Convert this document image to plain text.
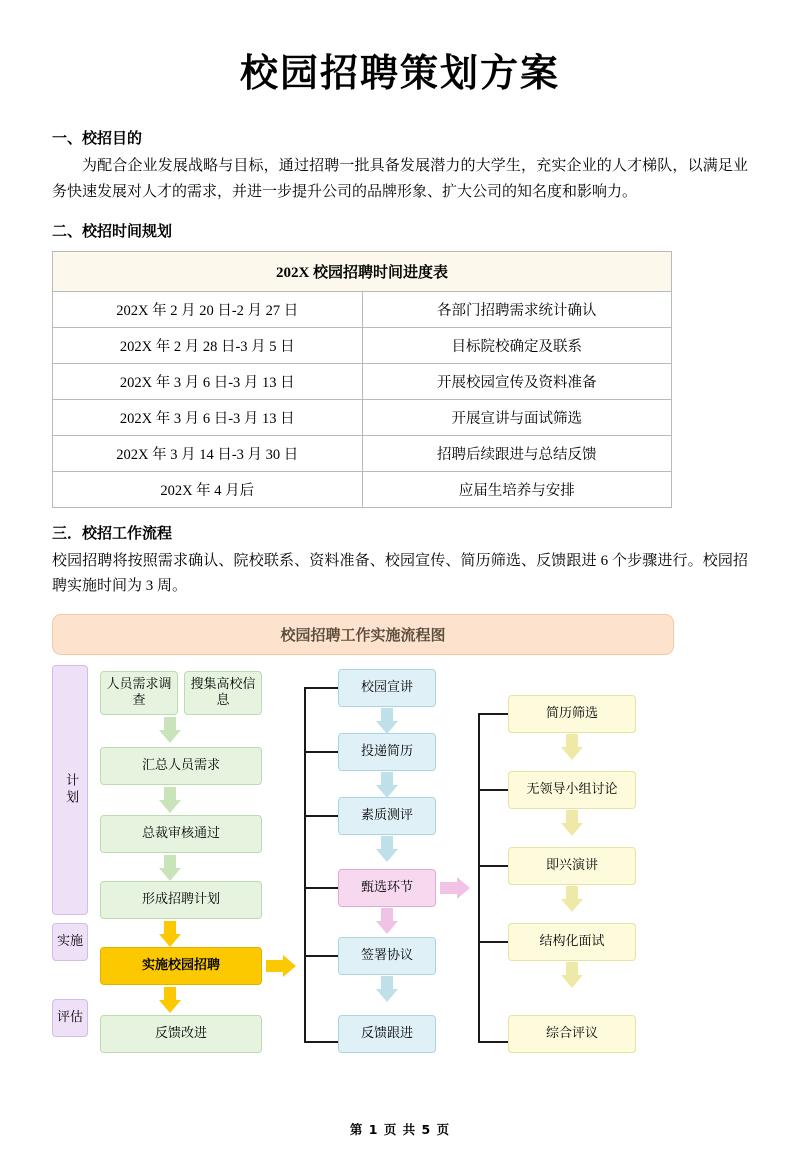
校园招聘策划方案
一、校招目的

为配合企业发展战略与目标，通过招聘一批具备发展潜力的大学生，充实企业的人才梯队，以满足业务快速发展对人才的需求，并进一步提升公司的品牌形象、扩大公司的知名度和影响力。

二、校招时间规划
202X 校园招聘时间进度表	
202X 年 2 月 20 日-2 月 27 日	各部门招聘需求统计确认
202X 年 2 月 28 日-3 月 5 日	目标院校确定及联系
202X 年 3 月 6 日-3 月 13 日	开展校园宣传及资料准备
202X 年 3 月 6 日-3 月 13 日	开展宣讲与面试筛选
202X 年 3 月 14 日-3 月 30 日	招聘后续跟进与总结反馈
202X 年 4 月后	应届生培养与安排
三．校招工作流程

校园招聘将按照需求确认、院校联系、资料准备、校园宣传、简历筛选、反馈跟进 6 个步骤进行。校园招聘实施时间为 3 周。

校园招聘工作实施流程图
计划
实施
评估
人员需求调查
搜集高校信息
汇总人员需求
总裁审核通过
形成招聘计划
实施校园招聘
反馈改进
校园宣讲
投递简历
素质测评
甄选环节
签署协议
反馈跟进
简历筛选
无领导小组讨论
即兴演讲
结构化面试
综合评议
第 1 页 共 5 页
